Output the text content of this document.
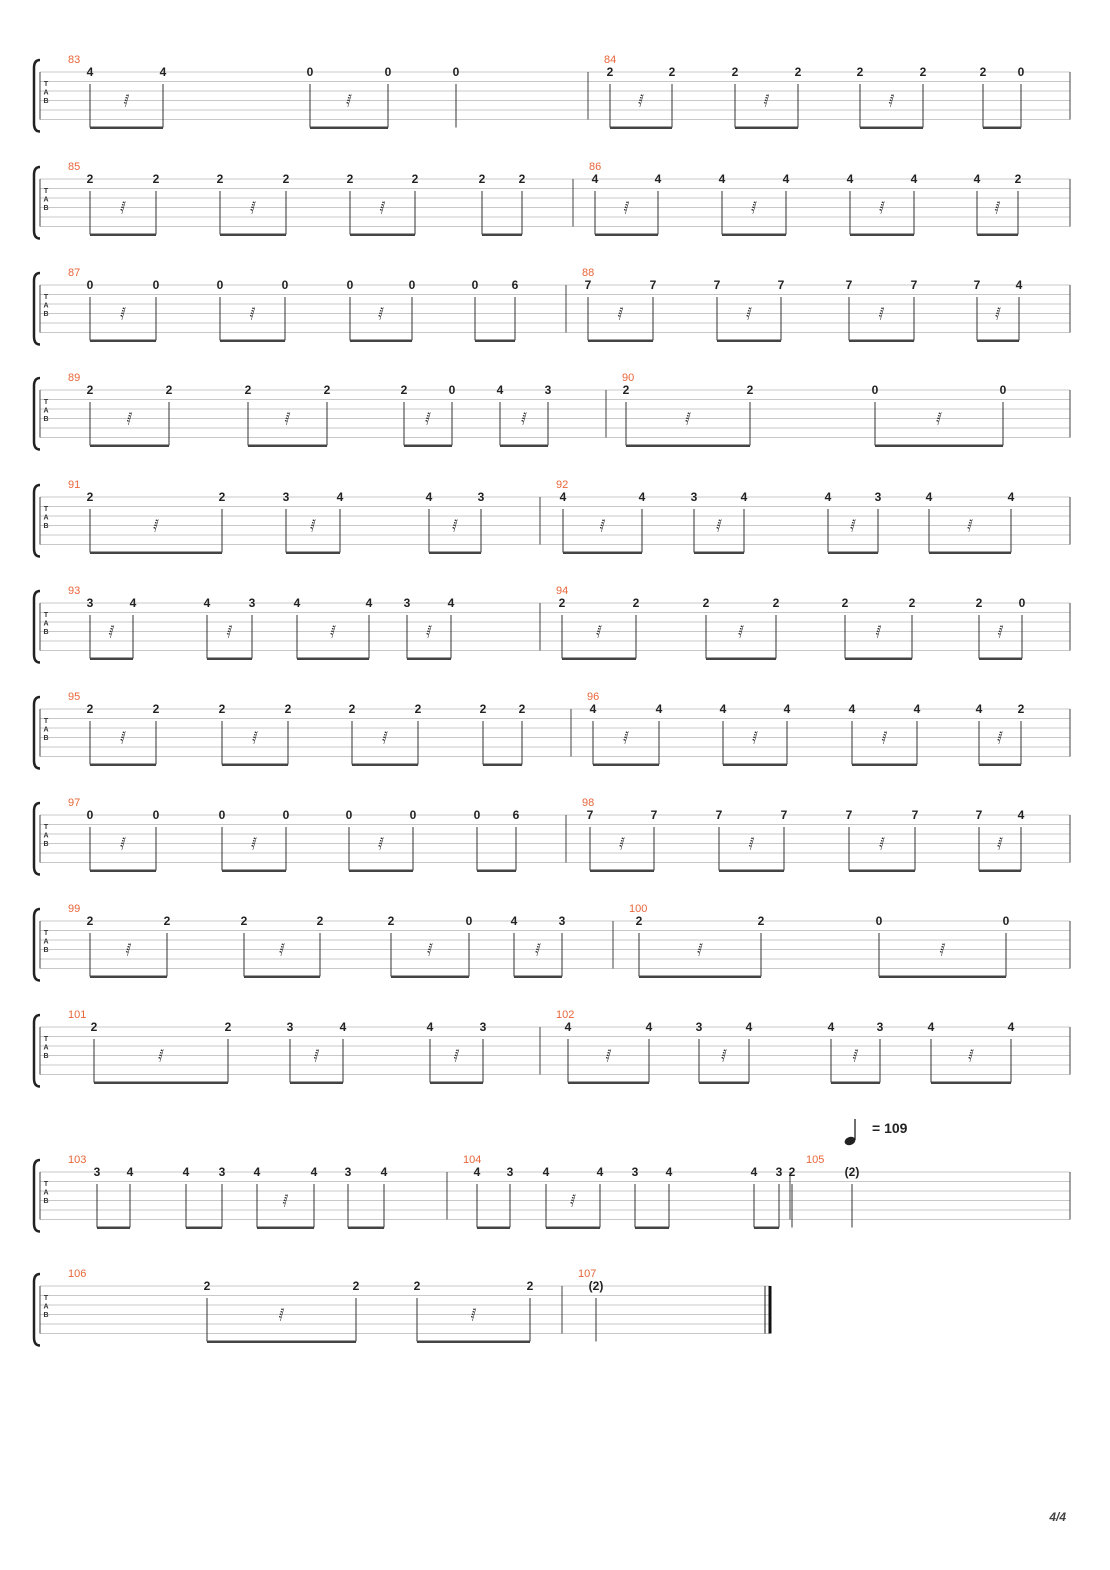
T
A
B
83
4	4	0	0	0
𝅁	𝅁
84
2	2	2	2	2	2	2	0
𝅁	𝅁	𝅁
T
A
B
85
2	2	2	2	2	2	2	2
𝅁	𝅁	𝅁
86
4	4	4	4	4	4	4	2
𝅁	𝅁	𝅁	𝅁
T
A
B
87
0	0	0	0	0	0	0	6
𝅁	𝅁	𝅁
88
7	7	7	7	7	7	7	4
𝅁	𝅁	𝅁	𝅁
T
A
B
89
2	2	2	2	2	0	4	3
𝅁	𝅁	𝅁	𝅁
90
2	2	0	0
𝅁	𝅁
T
A
B
91
2	2	3	4	4	3
𝅁	𝅁	𝅁
92
4	4	3	4	4	3	4	4
𝅁	𝅁	𝅁	𝅁
T
A
B
93
3	4	4	3	4	4	3	4
𝅁	𝅁	𝅁	𝅁
94
2	2	2	2	2	2	2	0
𝅁	𝅁	𝅁	𝅁
T
A
B
95
2	2	2	2	2	2	2	2
𝅁	𝅁	𝅁
96
4	4	4	4	4	4	4	2
𝅁	𝅁	𝅁	𝅁
T
A
B
97
0	0	0	0	0	0	0	6
𝅁	𝅁	𝅁
98
7	7	7	7	7	7	7	4
𝅁	𝅁	𝅁	𝅁
T
A
B
99
2	2	2	2	2	0	4	3
𝅁	𝅁	𝅁	𝅁
100
2	2	0	0
𝅁	𝅁
T
A
B
101
2	2	3	4	4	3
𝅁	𝅁	𝅁
102
4	4	3	4	4	3	4	4
𝅁	𝅁	𝅁	𝅁
T
A
B
103
3 4	4 3 4	4 3 4
𝅁
104
4 3 4	4 3 4	4 3 2
𝅁
105
(2)
T
A
B
106
2	2	2	2
𝅁	𝅁
107
(2)
= 109
4/4
